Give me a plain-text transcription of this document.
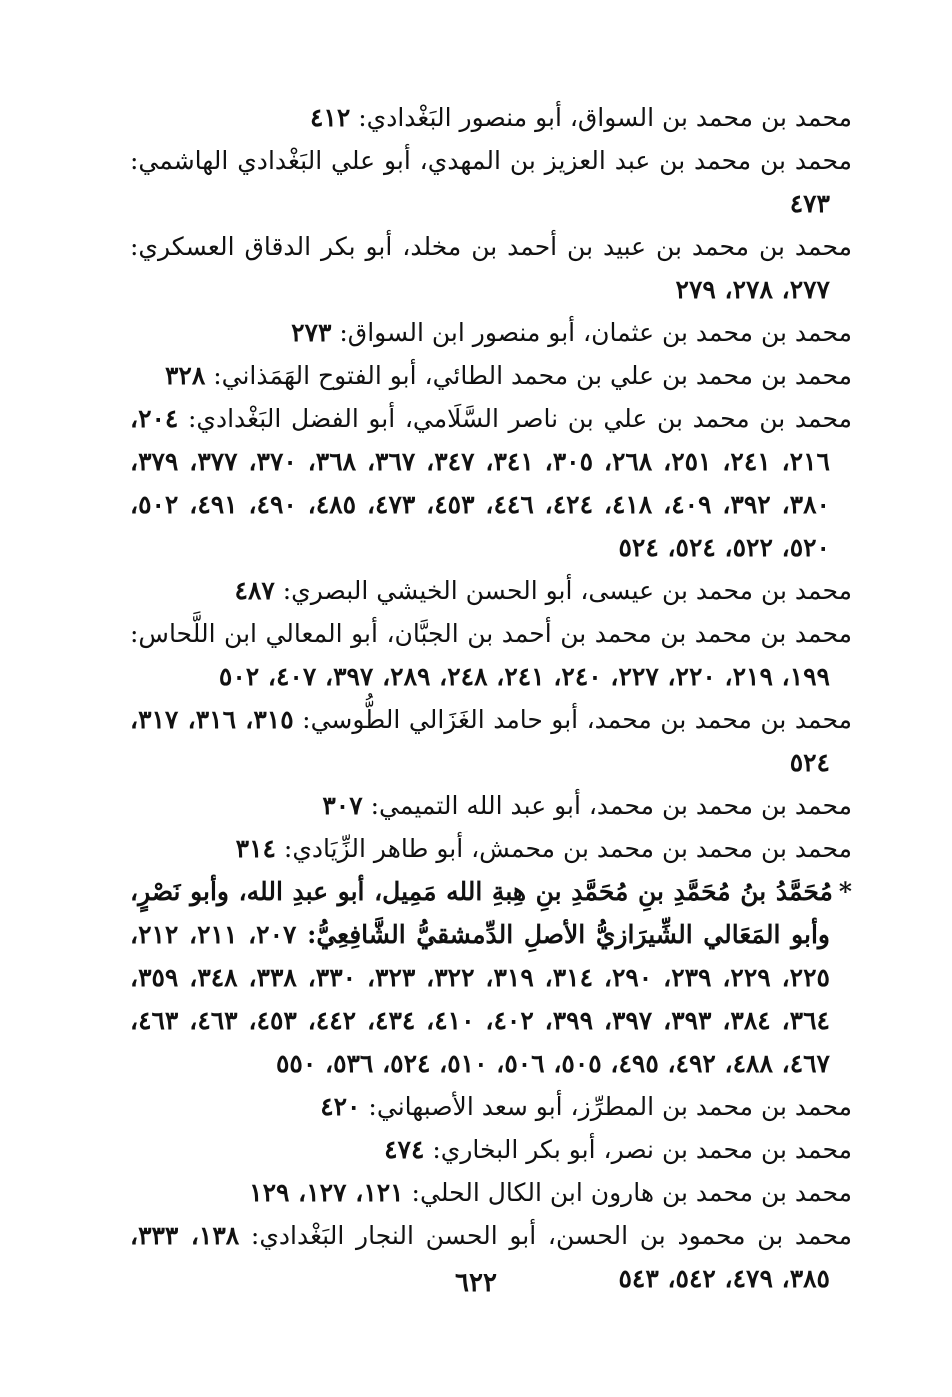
محمد بن محمد بن السواق، أبو منصور البَغْدادي: ٤١٢

محمد بن محمد بن عبد العزيز بن المهدي، أبو علي البَغْدادي الهاشمي: ٤٧٣

محمد بن محمد بن عبيد بن أحمد بن مخلد، أبو بكر الدقاق العسكري: ٢٧٧، ٢٧٨، ٢٧٩

محمد بن محمد بن عثمان، أبو منصور ابن السواق: ٢٧٣

محمد بن محمد بن علي بن محمد الطائي، أبو الفتوح الهَمَذاني: ٣٢٨

محمد بن محمد بن علي بن ناصر السَّلَامي، أبو الفضل البَغْدادي: ٢٠٤، ٢١٦، ٢٤١، ٢٥١، ٢٦٨، ٣٠٥، ٣٤١، ٣٤٧، ٣٦٧، ٣٦٨، ٣٧٠، ٣٧٧، ٣٧٩، ٣٨٠، ٣٩٢، ٤٠٩، ٤١٨، ٤٢٤، ٤٤٦، ٤٥٣، ٤٧٣، ٤٨٥، ٤٩٠، ٤٩١، ٥٠٢، ٥٢٠، ٥٢٢، ٥٢٤، ٥٢٤

محمد بن محمد بن عيسى، أبو الحسن الخيشي البصري: ٤٨٧

محمد بن محمد بن محمد بن أحمد بن الجبَّان، أبو المعالي ابن اللَّحاس: ١٩٩، ٢١٩، ٢٢٠، ٢٢٧، ٢٤٠، ٢٤١، ٢٤٨، ٢٨٩، ٣٩٧، ٤٠٧، ٥٠٢

محمد بن محمد بن محمد، أبو حامد الغَزَالي الطُّوسي: ٣١٥، ٣١٦، ٣١٧، ٥٢٤

محمد بن محمد بن محمد، أبو عبد الله التميمي: ٣٠٧

محمد بن محمد بن محمد بن محمش، أبو طاهر الزِّيَادي: ٣١٤

*مُحَمَّدُ بنُ مُحَمَّدِ بنِ مُحَمَّدِ بنِ هِبةِ الله مَمِيل، أبو عبدِ الله، وأبو نَصْرٍ، وأبو المَعَالي الشِّيرَازيُّ الأصلِ الدِّمشقيُّ الشَّافِعِيُّ: ٢٠٧، ٢١١، ٢١٢، ٢٢٥، ٢٢٩، ٢٣٩، ٢٩٠، ٣١٤، ٣١٩، ٣٢٢، ٣٢٣، ٣٣٠، ٣٣٨، ٣٤٨، ٣٥٩، ٣٦٤، ٣٨٤، ٣٩٣، ٣٩٧، ٣٩٩، ٤٠٢، ٤١٠، ٤٣٤، ٤٤٢، ٤٥٣، ٤٦٣، ٤٦٣، ٤٦٧، ٤٨٨، ٤٩٢، ٤٩٥، ٥٠٥، ٥٠٦، ٥١٠، ٥٢٤، ٥٣٦، ٥٥٠

محمد بن محمد بن المطرِّز، أبو سعد الأصبهاني: ٤٢٠

محمد بن محمد بن نصر، أبو بكر البخاري: ٤٧٤

محمد بن محمد بن هارون ابن الكال الحلي: ١٢١، ١٢٧، ١٢٩

محمد بن محمود بن الحسن، أبو الحسن النجار البَغْدادي: ١٣٨، ٣٣٣، ٣٨٥، ٤٧٩، ٥٤٢، ٥٤٣

٦٢٢
